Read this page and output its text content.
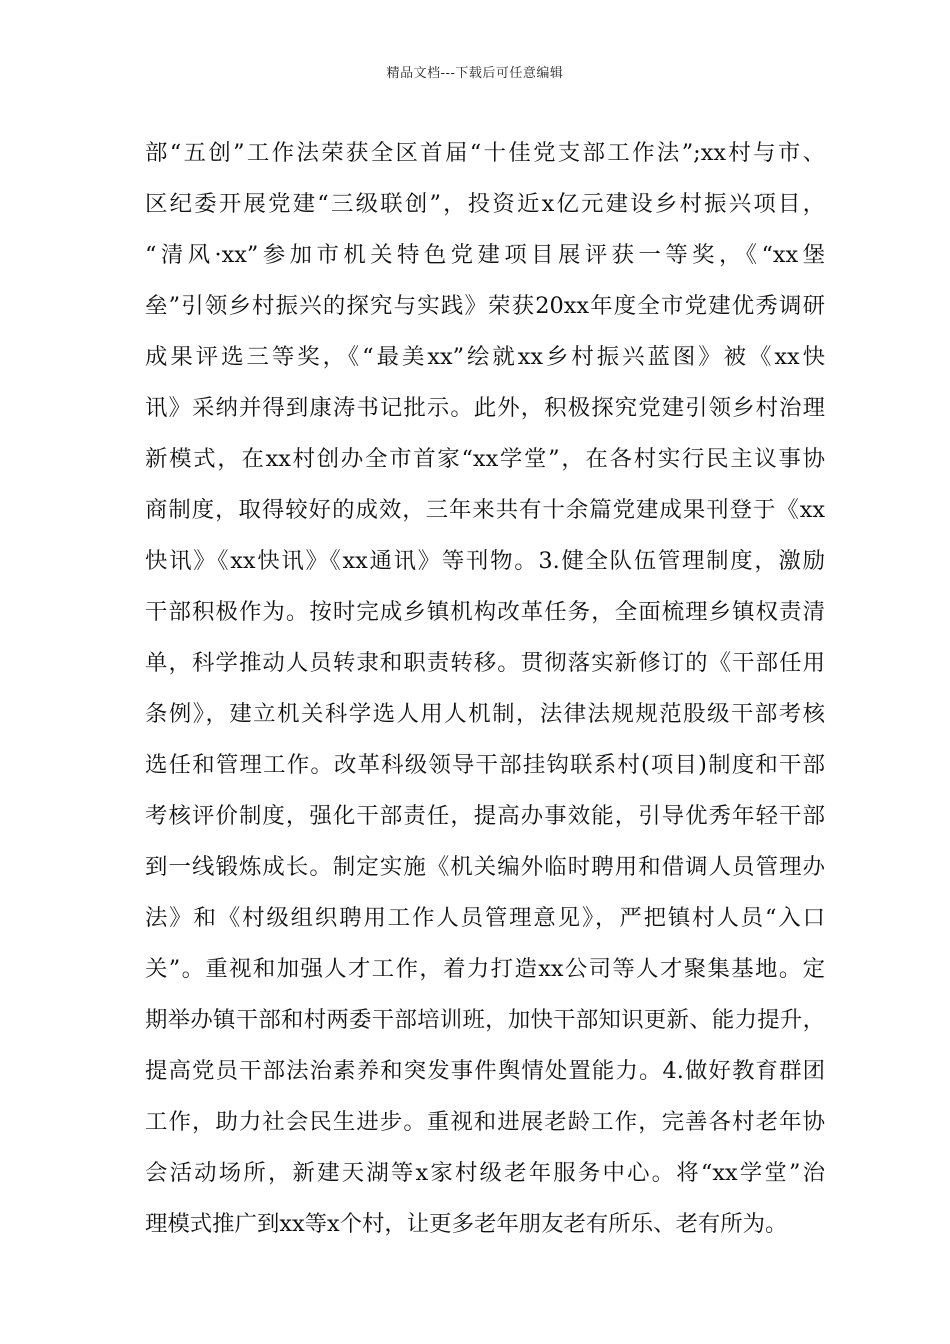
精品文档---下载后可任意编辑
部“五创”工作法荣获全区首届“十佳党支部工作法”;xx村与市、
区纪委开展党建“三级联创”，投资近x亿元建设乡村振兴项目，
“清风·xx”参加市机关特色党建项目展评获一等奖，《“xx堡
垒”引领乡村振兴的探究与实践》荣获20xx年度全市党建优秀调研
成果评选三等奖，《“最美xx”绘就xx乡村振兴蓝图》被《xx快
讯》采纳并得到康涛书记批示。此外，积极探究党建引领乡村治理
新模式，在xx村创办全市首家“xx学堂”，在各村实行民主议事协
商制度，取得较好的成效，三年来共有十余篇党建成果刊登于《xx
快讯》《xx快讯》《xx通讯》等刊物。3.健全队伍管理制度，激励
干部积极作为。按时完成乡镇机构改革任务，全面梳理乡镇权责清
单，科学推动人员转隶和职责转移。贯彻落实新修订的《干部任用
条例》，建立机关科学选人用人机制，法律法规规范股级干部考核
选任和管理工作。改革科级领导干部挂钩联系村(项目)制度和干部
考核评价制度，强化干部责任，提高办事效能，引导优秀年轻干部
到一线锻炼成长。制定实施《机关编外临时聘用和借调人员管理办
法》和《村级组织聘用工作人员管理意见》，严把镇村人员“入口
关”。重视和加强人才工作，着力打造xx公司等人才聚集基地。定
期举办镇干部和村两委干部培训班，加快干部知识更新、能力提升，
提高党员干部法治素养和突发事件舆情处置能力。4.做好教育群团
工作，助力社会民生进步。重视和进展老龄工作，完善各村老年协
会活动场所，新建天湖等x家村级老年服务中心。将“xx学堂”治
理模式推广到xx等x个村，让更多老年朋友老有所乐、老有所为。
